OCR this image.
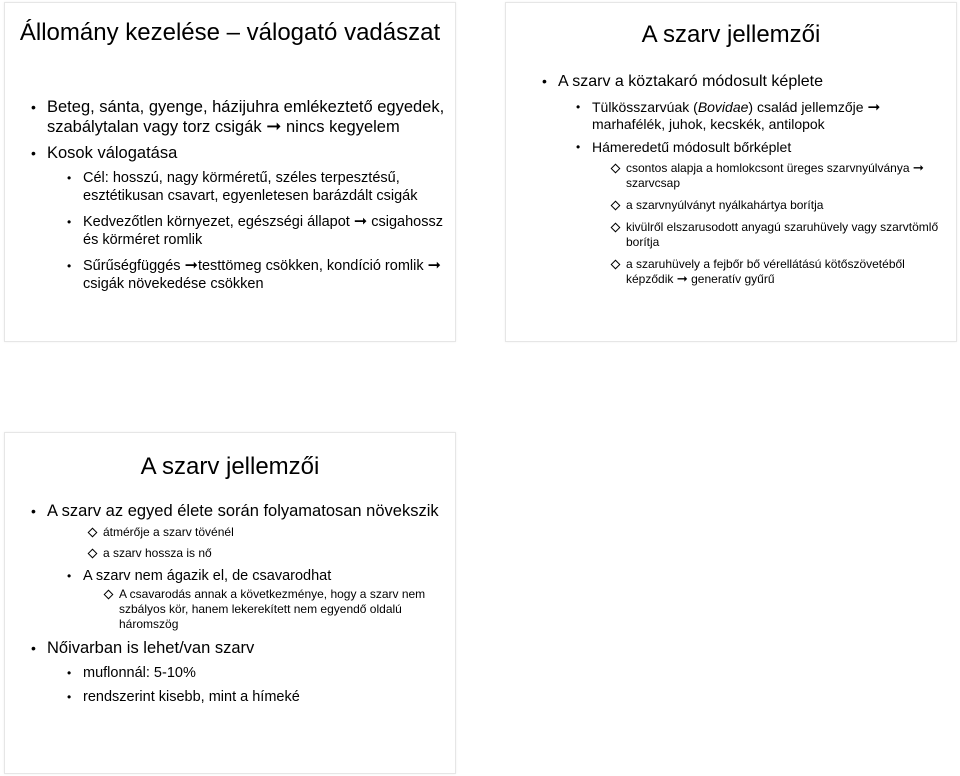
Állomány kezelése – válogató vadászat
• Beteg, sánta, gyenge, házijuhra emlékeztető egyedek, szabálytalan vagy torz csigák ➞ nincs kegyelem
• Kosok válogatása
• Cél: hosszú, nagy körméretű, széles terpesztésű, esztétikusan csavart, egyenletesen barázdált csigák
• Kedvezőtlen környezet, egészségi állapot ➞ csigahossz és körméret romlik
• Sűrűségfüggés ➞testtömeg csökken, kondíció romlik ➞ csigák növekedése csökken
A szarv jellemzői
• A szarv a köztakaró módosult képlete
• Tülkösszarvúak (Bovidae) család jellemzője ➞ marhafélék, juhok, kecskék, antilopok
• Hámeredetű módosult bőrképlet
csontos alapja a homlokcsont üreges szarvnyúlványa ➞ szarvcsap
a szarvnyúlványt nyálkahártya borítja
kivülről elszarusodott anyagú szaruhüvely vagy szarvtömlő borítja
a szaruhüvely a fejbőr bő vérellátású kötőszövetéből képződik ➞ generatív gyűrű
A szarv jellemzői
• A szarv az egyed élete során folyamatosan növekszik
átmérője a szarv tövénél
a szarv hossza is nő
• A szarv nem ágazik el, de csavarodhat
A csavarodás annak a következménye, hogy a szarv nem szbályos kör, hanem lekerekített nem egyendő oldalú háromszög
• Nőivarban is lehet/van szarv
• muflonnál: 5-10%
• rendszerint kisebb, mint a hímeké
